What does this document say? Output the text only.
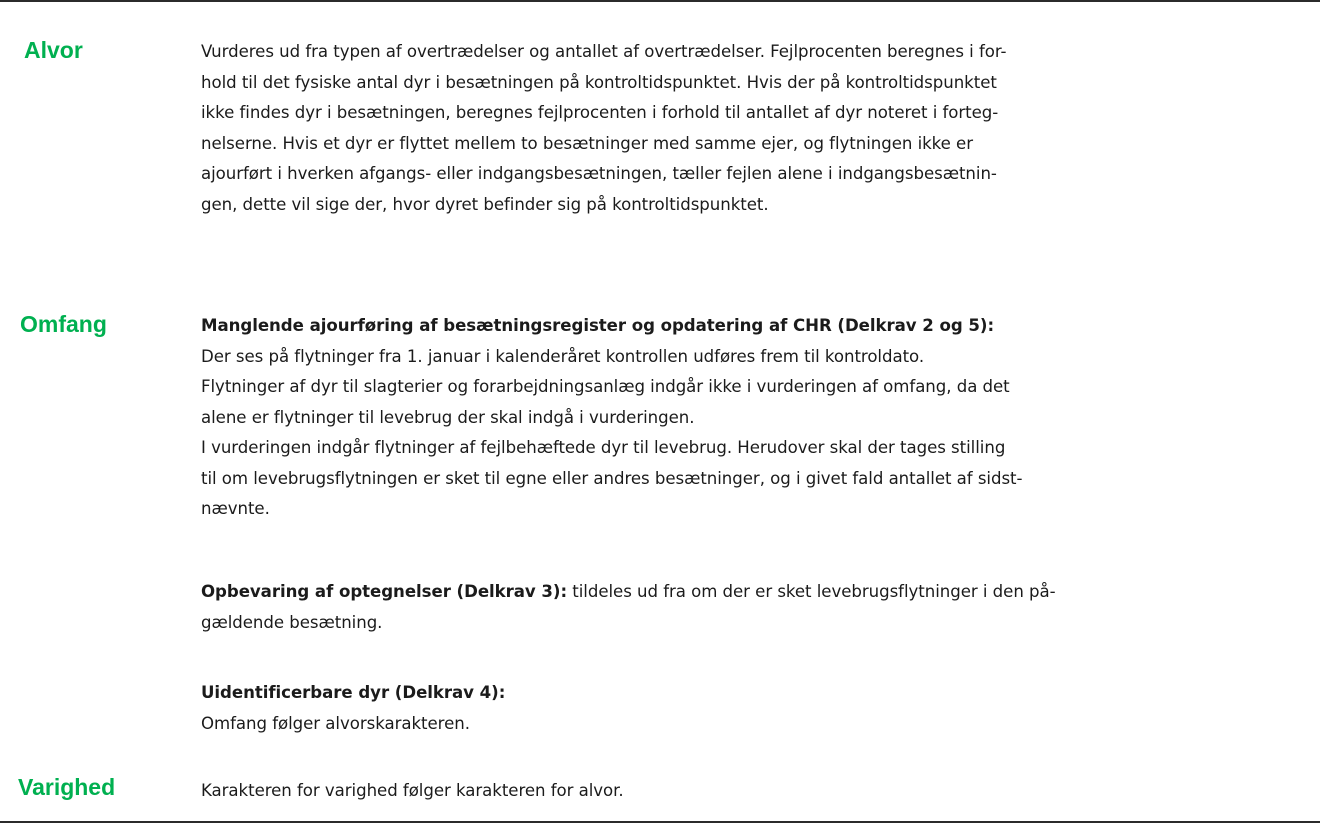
Alvor	Vurderes ud fra typen af overtrædelser og antallet af overtrædelser. Fejlprocenten beregnes i for-
hold til det fysiske antal dyr i besætningen på kontroltidspunktet. Hvis der på kontroltidspunktet
ikke findes dyr i besætningen, beregnes fejlprocenten i forhold til antallet af dyr noteret i forteg-
nelserne. Hvis et dyr er flyttet mellem to besætninger med samme ejer, og flytningen ikke er
ajourført i hverken afgangs- eller indgangsbesætningen, tæller fejlen alene i indgangsbesætnin-
gen, dette vil sige der, hvor dyret befinder sig på kontroltidspunktet.
Omfang	Manglende ajourføring af besætningsregister og opdatering af CHR (Delkrav 2 og 5):
Der ses på flytninger fra 1. januar i kalenderåret kontrollen udføres frem til kontroldato.
Flytninger af dyr til slagterier og forarbejdningsanlæg indgår ikke i vurderingen af omfang, da det
alene er flytninger til levebrug der skal indgå i vurderingen.
I vurderingen indgår flytninger af fejlbehæftede dyr til levebrug. Herudover skal der tages stilling
til om levebrugsflytningen er sket til egne eller andres besætninger, og i givet fald antallet af sidst-
nævnte.
Opbevaring af optegnelser (Delkrav 3): tildeles ud fra om der er sket levebrugsflytninger i den på-
gældende besætning.
Uidentificerbare dyr (Delkrav 4):
Omfang følger alvorskarakteren.
Varighed	Karakteren for varighed følger karakteren for alvor.
